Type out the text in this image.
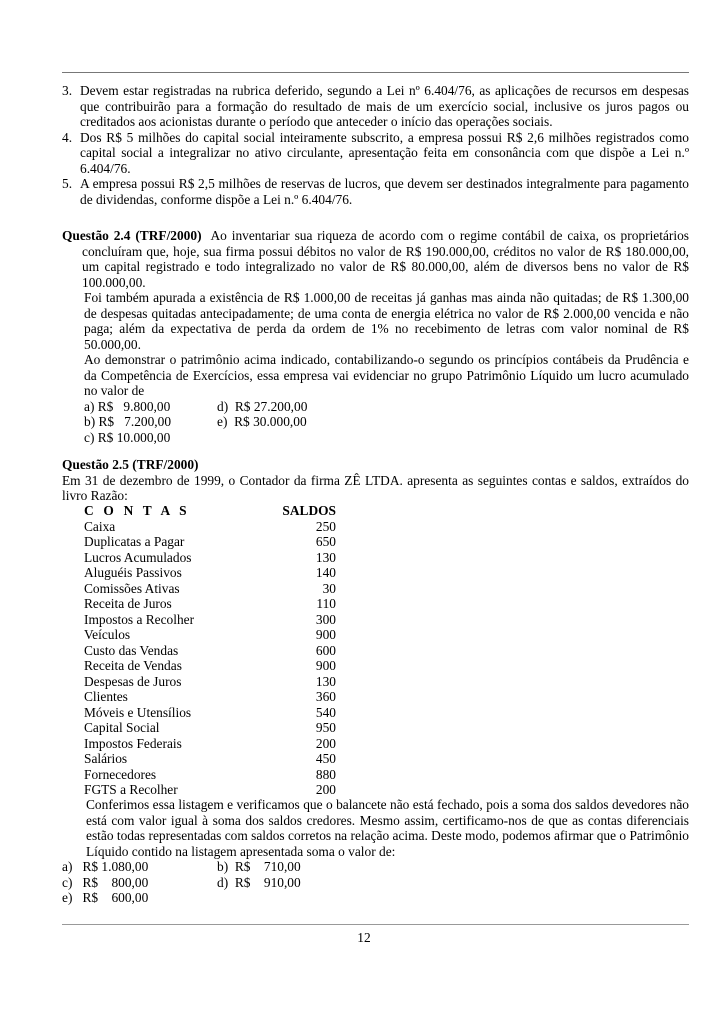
3. Devem estar registradas na rubrica deferido, segundo a Lei nº 6.404/76, as aplicações de recursos em despesas que contribuirão para a formação do resultado de mais de um exercício social, inclusive os juros pagos ou creditados aos acionistas durante o período que anteceder o início das operações sociais.

4. Dos R$ 5 milhões do capital social inteiramente subscrito, a empresa possui R$ 2,6 milhões registrados como capital social a integralizar no ativo circulante, apresentação feita em consonância com que dispõe a Lei n.º 6.404/76.

5. A empresa possui R$ 2,5 milhões de reservas de lucros, que devem ser destinados integralmente para pagamento de dividendas, conforme dispõe a Lei n.º 6.404/76.

Questão 2.4 (TRF/2000) Ao inventariar sua riqueza de acordo com o regime contábil de caixa, os proprietários concluíram que, hoje, sua firma possui débitos no valor de R$ 190.000,00, créditos no valor de R$ 180.000,00, um capital registrado e todo integralizado no valor de R$ 80.000,00, além de diversos bens no valor de R$ 100.000,00.

Foi também apurada a existência de R$ 1.000,00 de receitas já ganhas mas ainda não quitadas; de R$ 1.300,00 de despesas quitadas antecipadamente; de uma conta de energia elétrica no valor de R$ 2.000,00 vencida e não paga; além da expectativa de perda da ordem de 1% no recebimento de letras com valor nominal de R$ 50.000,00.

Ao demonstrar o patrimônio acima indicado, contabilizando-o segundo os princípios contábeis da Prudência e da Competência de Exercícios, essa empresa vai evidenciar no grupo Patrimônio Líquido um lucro acumulado no valor de

a) R$   9.800,00	d)  R$ 27.200,00
b) R$   7.200,00	e)  R$ 30.000,00
c) R$ 10.000,00

Questão 2.5 (TRF/2000)

Em 31 de dezembro de 1999, o Contador da firma ZÊ LTDA. apresenta as seguintes contas e saldos, extraídos do livro Razão:

C O N T A S	SALDOS
Caixa	250
Duplicatas a Pagar	650
Lucros Acumulados	130
Aluguéis Passivos	140
Comissões Ativas	30
Receita de Juros	110
Impostos a Recolher	300
Veículos	900
Custo das Vendas	600
Receita de Vendas	900
Despesas de Juros	130
Clientes	360
Móveis e Utensílios	540
Capital Social	950
Impostos Federais	200
Salários	450
Fornecedores	880
FGTS a Recolher	200

Conferimos essa listagem e verificamos que o balancete não está fechado, pois a soma dos saldos devedores não está com valor igual à soma dos saldos credores. Mesmo assim, certificamo-nos de que as contas diferenciais estão todas representadas com saldos corretos na relação acima. Deste modo, podemos afirmar que o Patrimônio Líquido contido na listagem apresentada soma o valor de:

a)   R$ 1.080,00	b)  R$    710,00
c)   R$    800,00	d)  R$    910,00
e)   R$    600,00
12
